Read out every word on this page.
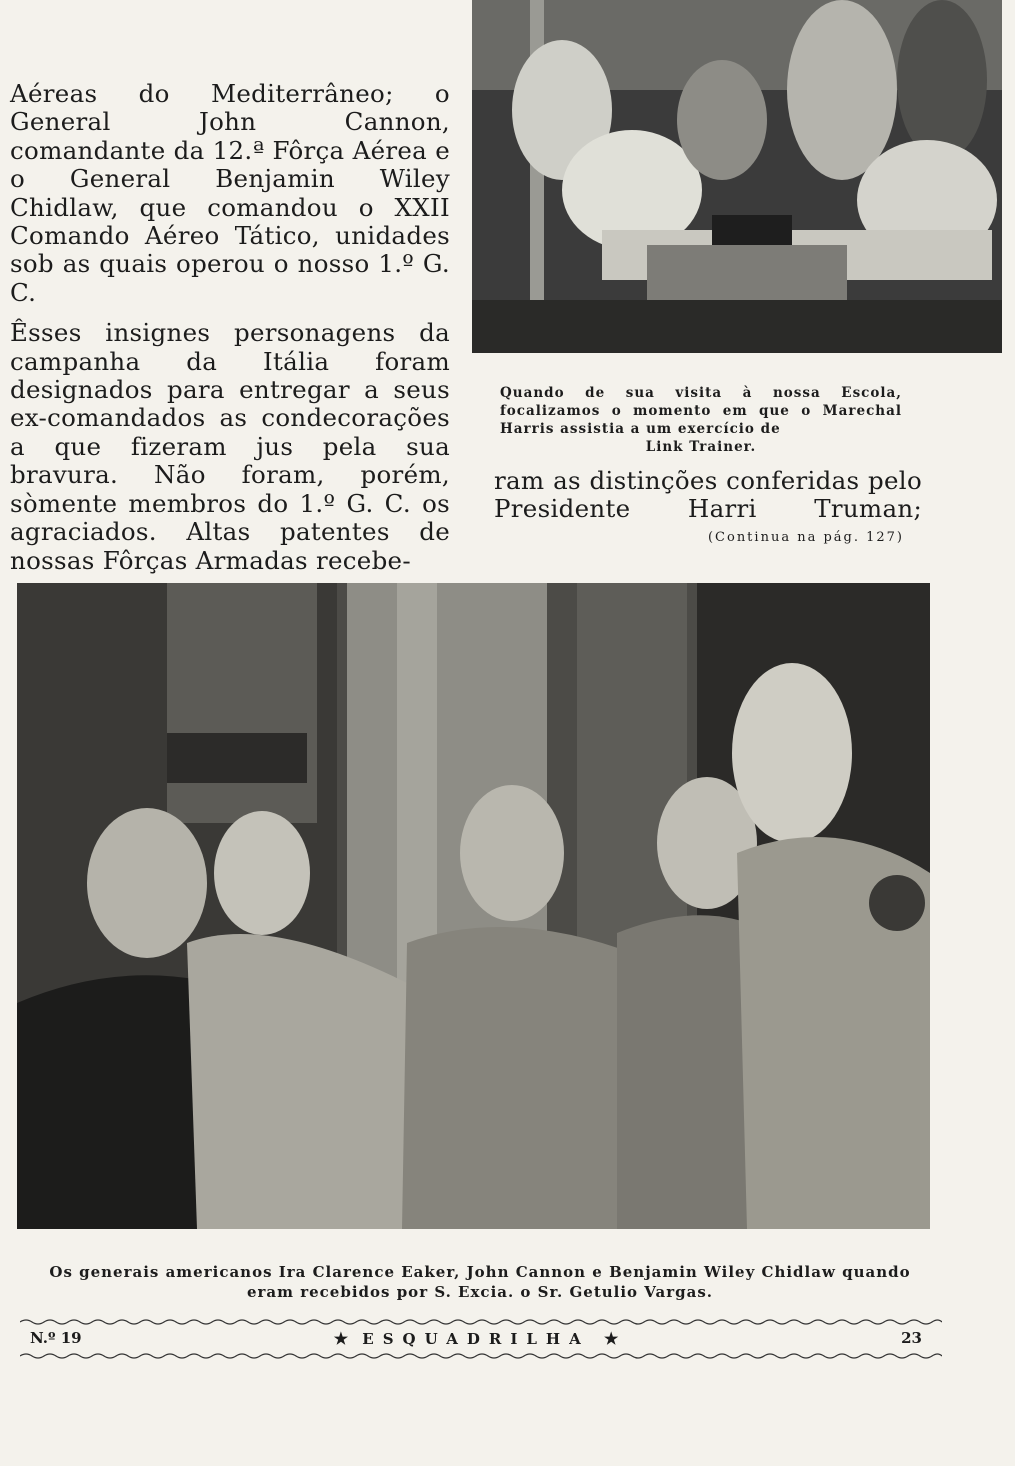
Aéreas do Mediterrâneo; o General John Cannon, comandante da 12.ª Fôrça Aérea e o General Benjamin Wiley Chidlaw, que comandou o XXII Comando Aéreo Tático, unidades sob as quais operou o nosso 1.º G. C.

Êsses insignes personagens da campanha da Itália foram designados para entregar a seus ex-comandados as condecorações a que fizeram jus pela sua bravura. Não foram, porém, sòmente membros do 1.º G. C. os agraciados. Altas patentes de nossas Fôrças Armadas recebe-

Quando de sua visita à nossa Escola, focalizamos o momento em que o Marechal Harris assistia a um exercício de
Link Trainer.

ram as distinções conferidas pelo Presidente Harri Truman;

(Continua na pág. 127)

Os generais americanos Ira Clarence Eaker, John Cannon e Benjamin Wiley Chidlaw quando eram recebidos por S. Excia. o Sr. Getulio Vargas.

N.º 19	★ ESQUADRILHA ★	23
